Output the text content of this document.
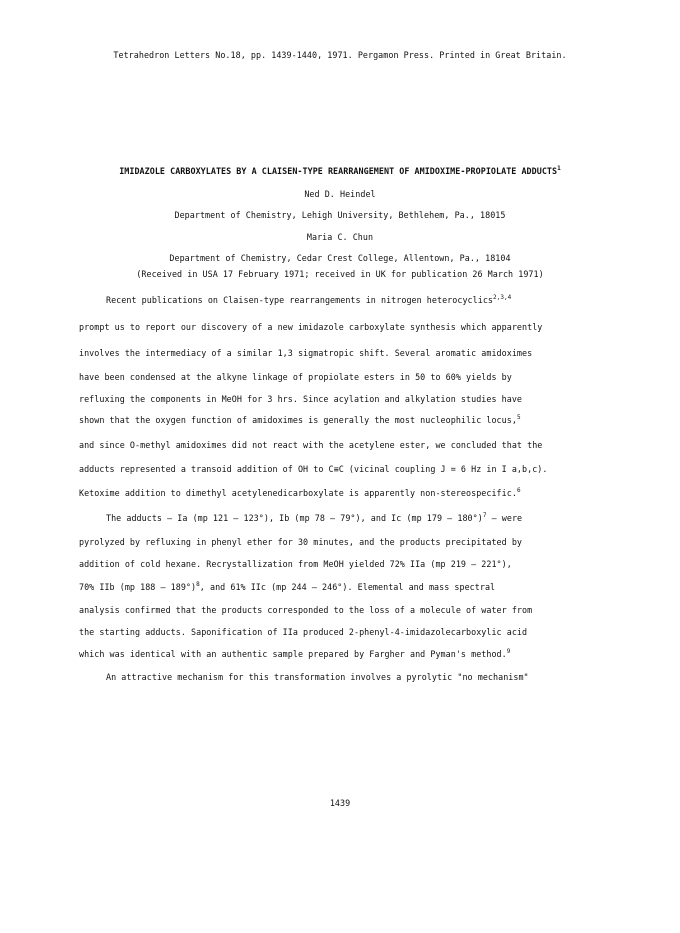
Tetrahedron Letters No.18, pp. 1439-1440, 1971. Pergamon Press. Printed in Great Britain.
IMIDAZOLE CARBOXYLATES BY A CLAISEN-TYPE REARRANGEMENT OF AMIDOXIME-PROPIOLATE ADDUCTS$^1$
Ned D. Heindel
Department of Chemistry, Lehigh University, Bethlehem, Pa., 18015
Maria C. Chun
Department of Chemistry, Cedar Crest College, Allentown, Pa., 18104
(Received in USA 17 February 1971; received in UK for publication 26 March 1971)
Recent publications on Claisen-type rearrangements in nitrogen heterocyclics$^{2,3,4}$
prompt us to report our discovery of a new imidazole carboxylate synthesis which apparently
involves the intermediacy of a similar 1,3 sigmatropic shift. Several aromatic amidoximes
have been condensed at the alkyne linkage of propiolate esters in 50 to 60% yields by
refluxing the components in MeOH for 3 hrs. Since acylation and alkylation studies have
shown that the oxygen function of amidoximes is generally the most nucleophilic locus,$^5$
and since O-methyl amidoximes did not react with the acetylene ester, we concluded that the
adducts represented a transoid addition of OH to C≡C (vicinal coupling J = 6 Hz in I a,b,c).
Ketoxime addition to dimethyl acetylenedicarboxylate is apparently non-stereospecific.$^6$
The adducts — Ia (mp 121 — 123°), Ib (mp 78 — 79°), and Ic (mp 179 — 180°)$^7$ — were
pyrolyzed by refluxing in phenyl ether for 30 minutes, and the products precipitated by
addition of cold hexane. Recrystallization from MeOH yielded 72% IIa (mp 219 — 221°),
70% IIb (mp 188 — 189°)$^8$, and 61% IIc (mp 244 — 246°). Elemental and mass spectral
analysis confirmed that the products corresponded to the loss of a molecule of water from
the starting adducts. Saponification of IIa produced 2-phenyl-4-imidazolecarboxylic acid
which was identical with an authentic sample prepared by Fargher and Pyman's method.$^9$
An attractive mechanism for this transformation involves a pyrolytic "no mechanism"
1439
